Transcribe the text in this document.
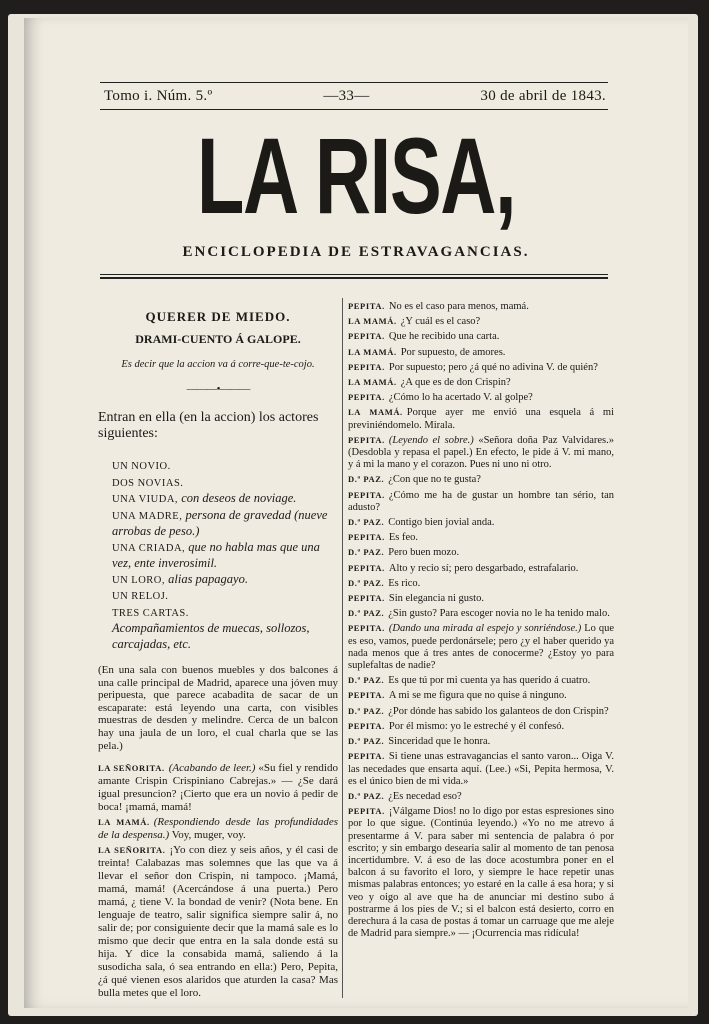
Tomo i. Núm. 5.º	—33—	30 de abril de 1843.
LA RISA,
ENCICLOPEDIA DE ESTRAVAGANCIAS.
QUERER DE MIEDO.
DRAMI-CUENTO Á GALOPE.
Es decir que la accion va á corre-que-te-cojo.
———•———
Entran en ella (en la accion) los actores siguientes:
UN NOVIO.
DOS NOVIAS.
UNA VIUDA, con deseos de noviage.
UNA MADRE, persona de gravedad (nueve arrobas de peso.)
UNA CRIADA, que no habla mas que una vez, ente inverosimil.
UN LORO, alias papagayo.
UN RELOJ.
TRES CARTAS.
Acompañamientos de muecas, sollozos, carcajadas, etc.
(En una sala con buenos muebles y dos balcones á una calle principal de Madrid, aparece una jóven muy peripuesta, que parece acabadita de sacar de un escaparate: está leyendo una carta, con visibles muestras de desden y melindre. Cerca de un balcon hay una jaula de un loro, el cual charla que se las pela.)
LA SEÑORITA. (Acabando de leer.) «Su fiel y rendido amante Crispin Crispiniano Cabrejas.» — ¿Se dará igual presuncion? ¡Cierto que era un novio á pedir de boca! ¡mamá, mamá!
LA MAMÁ. (Respondiendo desde las profundidades de la despensa.) Voy, muger, voy.
LA SEÑORITA. ¡Yo con diez y seis años, y él casi de treinta! Calabazas mas solemnes que las que va á llevar el señor don Crispin, ni tampoco. ¡Mamá, mamá, mamá! (Acercándose á una puerta.) Pero mamá, ¿ tiene V. la bondad de venir? (Nota bene. En lenguaje de teatro, salir significa siempre salir á, no salir de; por consiguiente decir que la mamá sale es lo mismo que decir que entra en la sala donde está su hija. Y dice la consabida mamá, saliendo á la susodicha sala, ó sea entrando en ella:) Pero, Pepita, ¿á qué vienen esos alaridos que aturden la casa? Mas bulla metes que el loro.
PEPITA. No es el caso para menos, mamá.
LA MAMÁ. ¿Y cuál es el caso?
PEPITA. Que he recibido una carta.
LA MAMÁ. Por supuesto, de amores.
PEPITA. Por supuesto; pero ¿á qué no adivina V. de quién?
LA MAMÁ. ¿A que es de don Crispin?
PEPITA. ¿Cómo lo ha acertado V. al golpe?
LA MAMÁ. Porque ayer me envió una esquela á mi previniéndomelo. Mirala.
PEPITA. (Leyendo el sobre.) «Señora doña Paz Valvidares.» (Desdobla y repasa el papel.) En efecto, le pide á V. mi mano, y á mi la mano y el corazon. Pues ni uno ni otro.
D.ª PAZ. ¿Con que no te gusta?
PEPITA. ¿Cómo me ha de gustar un hombre tan sério, tan adusto?
D.ª PAZ. Contigo bien jovial anda.
PEPITA. Es feo.
D.ª PAZ. Pero buen mozo.
PEPITA. Alto y recio sí; pero desgarbado, estrafalario.
D.ª PAZ. Es rico.
PEPITA. Sin elegancia ni gusto.
D.ª PAZ. ¿Sin gusto? Para escoger novia no le ha tenido malo.
PEPITA. (Dando una mirada al espejo y sonriéndose.) Lo que es eso, vamos, puede perdonársele; pero ¿y el haber querido ya nada menos que á tres antes de conocerme? ¿Estoy yo para suplefaltas de nadie?
D.ª PAZ. Es que tú por mi cuenta ya has querido á cuatro.
PEPITA. A mi se me figura que no quise á ninguno.
D.ª PAZ. ¿Por dónde has sabido los galanteos de don Crispin?
PEPITA. Por él mismo: yo le estreché y él confesó.
D.ª PAZ. Sinceridad que le honra.
PEPITA. Si tiene unas estravagancias el santo varon... Oiga V. las necedades que ensarta aquí. (Lee.) «Si, Pepita hermosa, V. es el único bien de mi vida.»
D.ª PAZ. ¿Es necedad eso?
PEPITA. ¡Válgame Dios! no lo digo por estas espresiones sino por lo que sigue. (Continúa leyendo.) «Yo no me atrevo á presentarme á V. para saber mi sentencia de palabra ó por escrito; y sin embargo desearia salir al momento de tan penosa incertidumbre. V. á eso de las doce acostumbra poner en el balcon á su favorito el loro, y siempre le hace repetir unas mismas palabras entonces; yo estaré en la calle á esa hora; y si veo y oigo al ave que ha de anunciar mi destino subo á postrarme á los pies de V.; si el balcon está desierto, corro en derechura á la casa de postas á tomar un carruage que me aleje de Madrid para siempre.» — ¡Ocurrencia mas ridícula!
